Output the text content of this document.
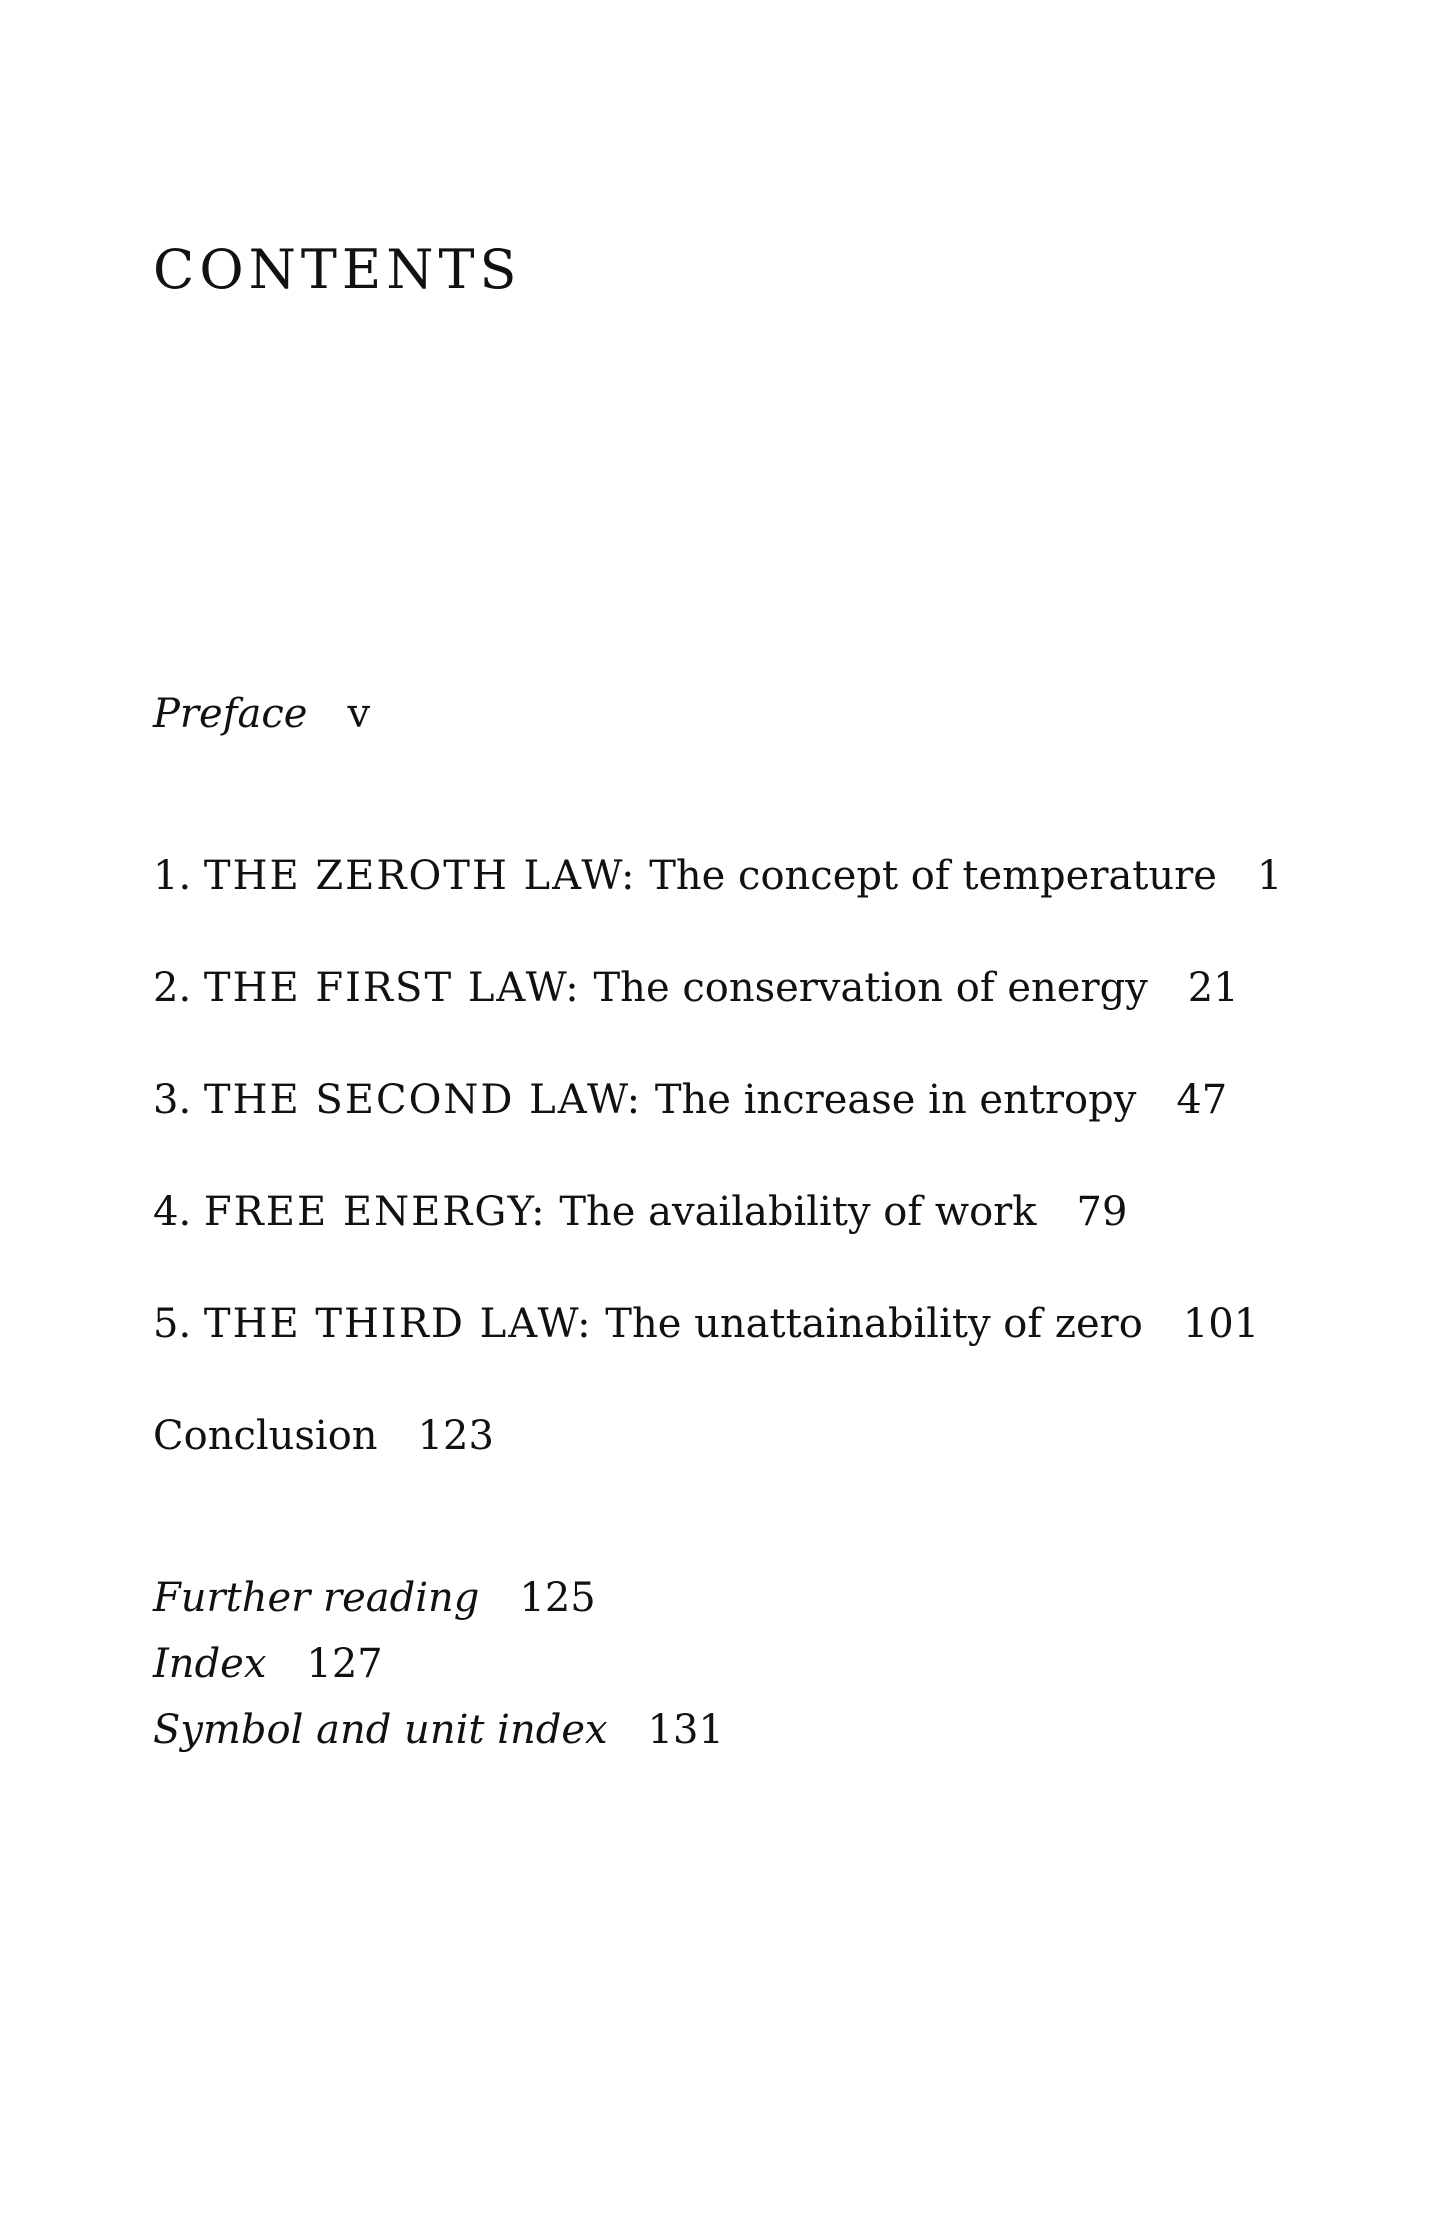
CONTENTS
Preface v
1. THE ZEROTH LAW: The concept of temperature 1
2. THE FIRST LAW: The conservation of energy 21
3. THE SECOND LAW: The increase in entropy 47
4. FREE ENERGY: The availability of work 79
5. THE THIRD LAW: The unattainability of zero 101
Conclusion 123
Further reading 125
Index 127
Symbol and unit index 131
